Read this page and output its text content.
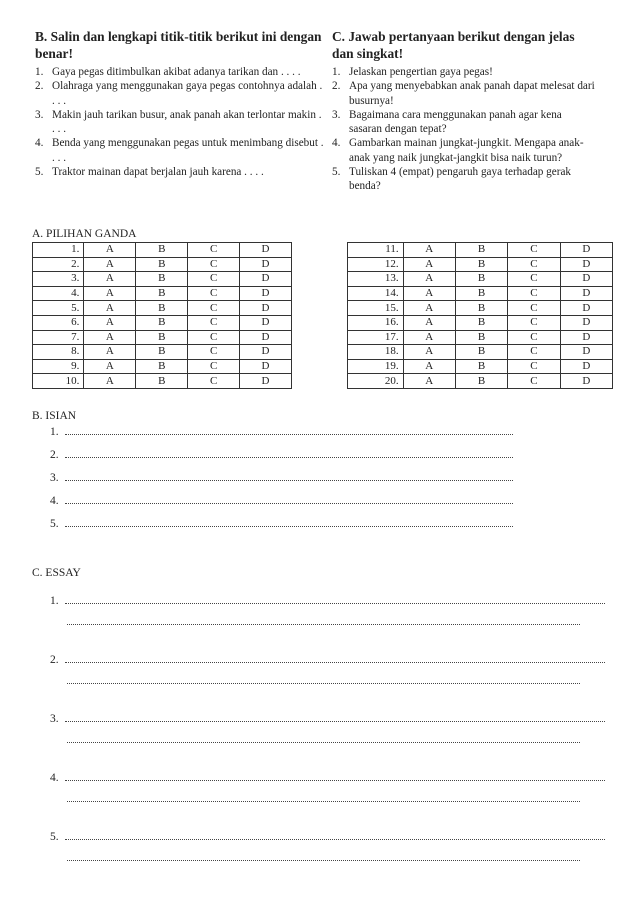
B. Salin dan lengkapi titik-titik berikut ini dengan benar!
1. Gaya pegas ditimbulkan akibat adanya tarikan dan . . . .
2. Olahraga yang menggunakan gaya pegas contohnya adalah . . . .
3. Makin jauh tarikan busur, anak panah akan terlontar makin . . . .
4. Benda yang menggunakan pegas untuk menimbang disebut . . . .
5. Traktor mainan dapat berjalan jauh karena . . . .
C. Jawab pertanyaan berikut dengan jelas dan singkat!
1. Jelaskan pengertian gaya pegas!
2. Apa yang menyebabkan anak panah dapat melesat dari busurnya!
3. Bagaimana cara menggunakan panah agar kena sasaran dengan tepat?
4. Gambarkan mainan jungkat-jungkit. Mengapa anak-anak yang naik jungkat-jangkit bisa naik turun?
5. Tuliskan 4 (empat) pengaruh gaya terhadap gerak benda?
A. PILIHAN GANDA
1.	A	B	C	D
2.	A	B	C	D
3.	A	B	C	D
4.	A	B	C	D
5.	A	B	C	D
6.	A	B	C	D
7.	A	B	C	D
8.	A	B	C	D
9.	A	B	C	D
10.	A	B	C	D
11.	A	B	C	D
12.	A	B	C	D
13.	A	B	C	D
14.	A	B	C	D
15.	A	B	C	D
16.	A	B	C	D
17.	A	B	C	D
18.	A	B	C	D
19.	A	B	C	D
20.	A	B	C	D
B. ISIAN
1.
2.
3.
4.
5.
C. ESSAY
1.
2.
3.
4.
5.
